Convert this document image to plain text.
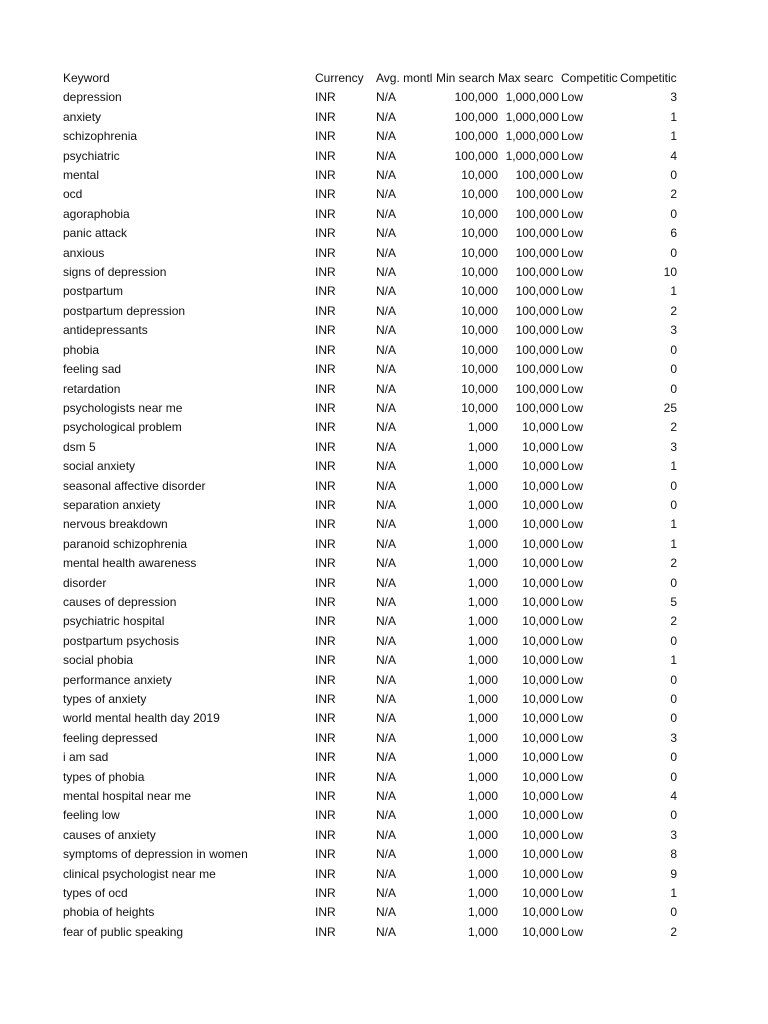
Keyword	Currency	Avg. montl	Min search	Max searc	Competitic	Competitic
depression	INR	N/A	100,000	1,000,000	Low	3
anxiety	INR	N/A	100,000	1,000,000	Low	1
schizophrenia	INR	N/A	100,000	1,000,000	Low	1
psychiatric	INR	N/A	100,000	1,000,000	Low	4
mental	INR	N/A	10,000	100,000	Low	0
ocd	INR	N/A	10,000	100,000	Low	2
agoraphobia	INR	N/A	10,000	100,000	Low	0
panic attack	INR	N/A	10,000	100,000	Low	6
anxious	INR	N/A	10,000	100,000	Low	0
signs of depression	INR	N/A	10,000	100,000	Low	10
postpartum	INR	N/A	10,000	100,000	Low	1
postpartum depression	INR	N/A	10,000	100,000	Low	2
antidepressants	INR	N/A	10,000	100,000	Low	3
phobia	INR	N/A	10,000	100,000	Low	0
feeling sad	INR	N/A	10,000	100,000	Low	0
retardation	INR	N/A	10,000	100,000	Low	0
psychologists near me	INR	N/A	10,000	100,000	Low	25
psychological problem	INR	N/A	1,000	10,000	Low	2
dsm 5	INR	N/A	1,000	10,000	Low	3
social anxiety	INR	N/A	1,000	10,000	Low	1
seasonal affective disorder	INR	N/A	1,000	10,000	Low	0
separation anxiety	INR	N/A	1,000	10,000	Low	0
nervous breakdown	INR	N/A	1,000	10,000	Low	1
paranoid schizophrenia	INR	N/A	1,000	10,000	Low	1
mental health awareness	INR	N/A	1,000	10,000	Low	2
disorder	INR	N/A	1,000	10,000	Low	0
causes of depression	INR	N/A	1,000	10,000	Low	5
psychiatric hospital	INR	N/A	1,000	10,000	Low	2
postpartum psychosis	INR	N/A	1,000	10,000	Low	0
social phobia	INR	N/A	1,000	10,000	Low	1
performance anxiety	INR	N/A	1,000	10,000	Low	0
types of anxiety	INR	N/A	1,000	10,000	Low	0
world mental health day 2019	INR	N/A	1,000	10,000	Low	0
feeling depressed	INR	N/A	1,000	10,000	Low	3
i am sad	INR	N/A	1,000	10,000	Low	0
types of phobia	INR	N/A	1,000	10,000	Low	0
mental hospital near me	INR	N/A	1,000	10,000	Low	4
feeling low	INR	N/A	1,000	10,000	Low	0
causes of anxiety	INR	N/A	1,000	10,000	Low	3
symptoms of depression in women	INR	N/A	1,000	10,000	Low	8
clinical psychologist near me	INR	N/A	1,000	10,000	Low	9
types of ocd	INR	N/A	1,000	10,000	Low	1
phobia of heights	INR	N/A	1,000	10,000	Low	0
fear of public speaking	INR	N/A	1,000	10,000	Low	2
